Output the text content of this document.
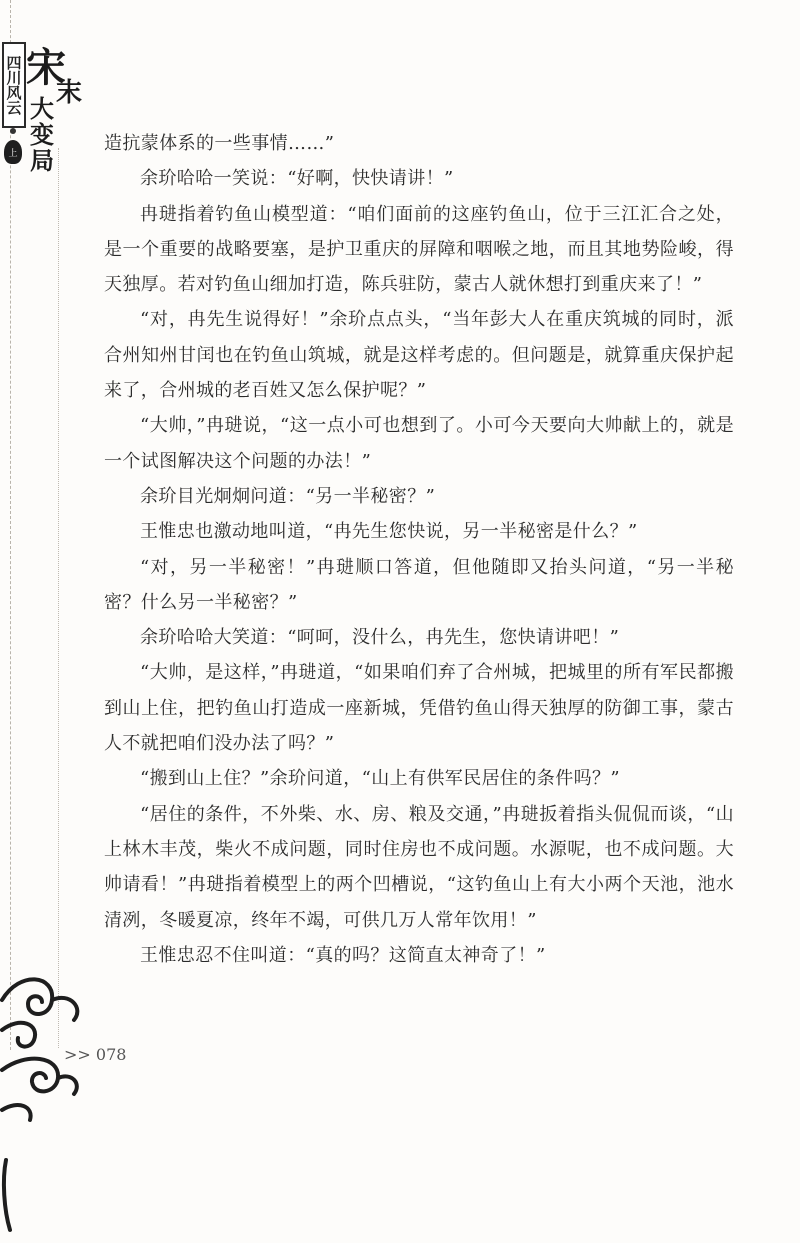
四川风云
上
宋
末
大
变
局

造抗蒙体系的一些事情……”

余玠哈哈一笑说：“好啊，快快请讲！”

冉琎指着钓鱼山模型道：“咱们面前的这座钓鱼山，位于三江汇合之处，是一个重要的战略要塞，是护卫重庆的屏障和咽喉之地，而且其地势险峻，得天独厚。若对钓鱼山细加打造，陈兵驻防，蒙古人就休想打到重庆来了！”

“对，冉先生说得好！”余玠点点头，“当年彭大人在重庆筑城的同时，派合州知州甘闰也在钓鱼山筑城，就是这样考虑的。但问题是，就算重庆保护起来了，合州城的老百姓又怎么保护呢？”

“大帅，”冉琎说，“这一点小可也想到了。小可今天要向大帅献上的，就是一个试图解决这个问题的办法！”

余玠目光炯炯问道：“另一半秘密？”

王惟忠也激动地叫道，“冉先生您快说，另一半秘密是什么？”

“对，另一半秘密！”冉琎顺口答道，但他随即又抬头问道，“另一半秘密？什么另一半秘密？”

余玠哈哈大笑道：“呵呵，没什么，冉先生，您快请讲吧！”

“大帅，是这样，”冉琎道，“如果咱们弃了合州城，把城里的所有军民都搬到山上住，把钓鱼山打造成一座新城，凭借钓鱼山得天独厚的防御工事，蒙古人不就把咱们没办法了吗？”

“搬到山上住？”余玠问道，“山上有供军民居住的条件吗？”

“居住的条件，不外柴、水、房、粮及交通，”冉琎扳着指头侃侃而谈，“山上林木丰茂，柴火不成问题，同时住房也不成问题。水源呢，也不成问题。大帅请看！”冉琎指着模型上的两个凹槽说，“这钓鱼山上有大小两个天池，池水清冽，冬暖夏凉，终年不竭，可供几万人常年饮用！”

王惟忠忍不住叫道：“真的吗？这简直太神奇了！”

>> 078
